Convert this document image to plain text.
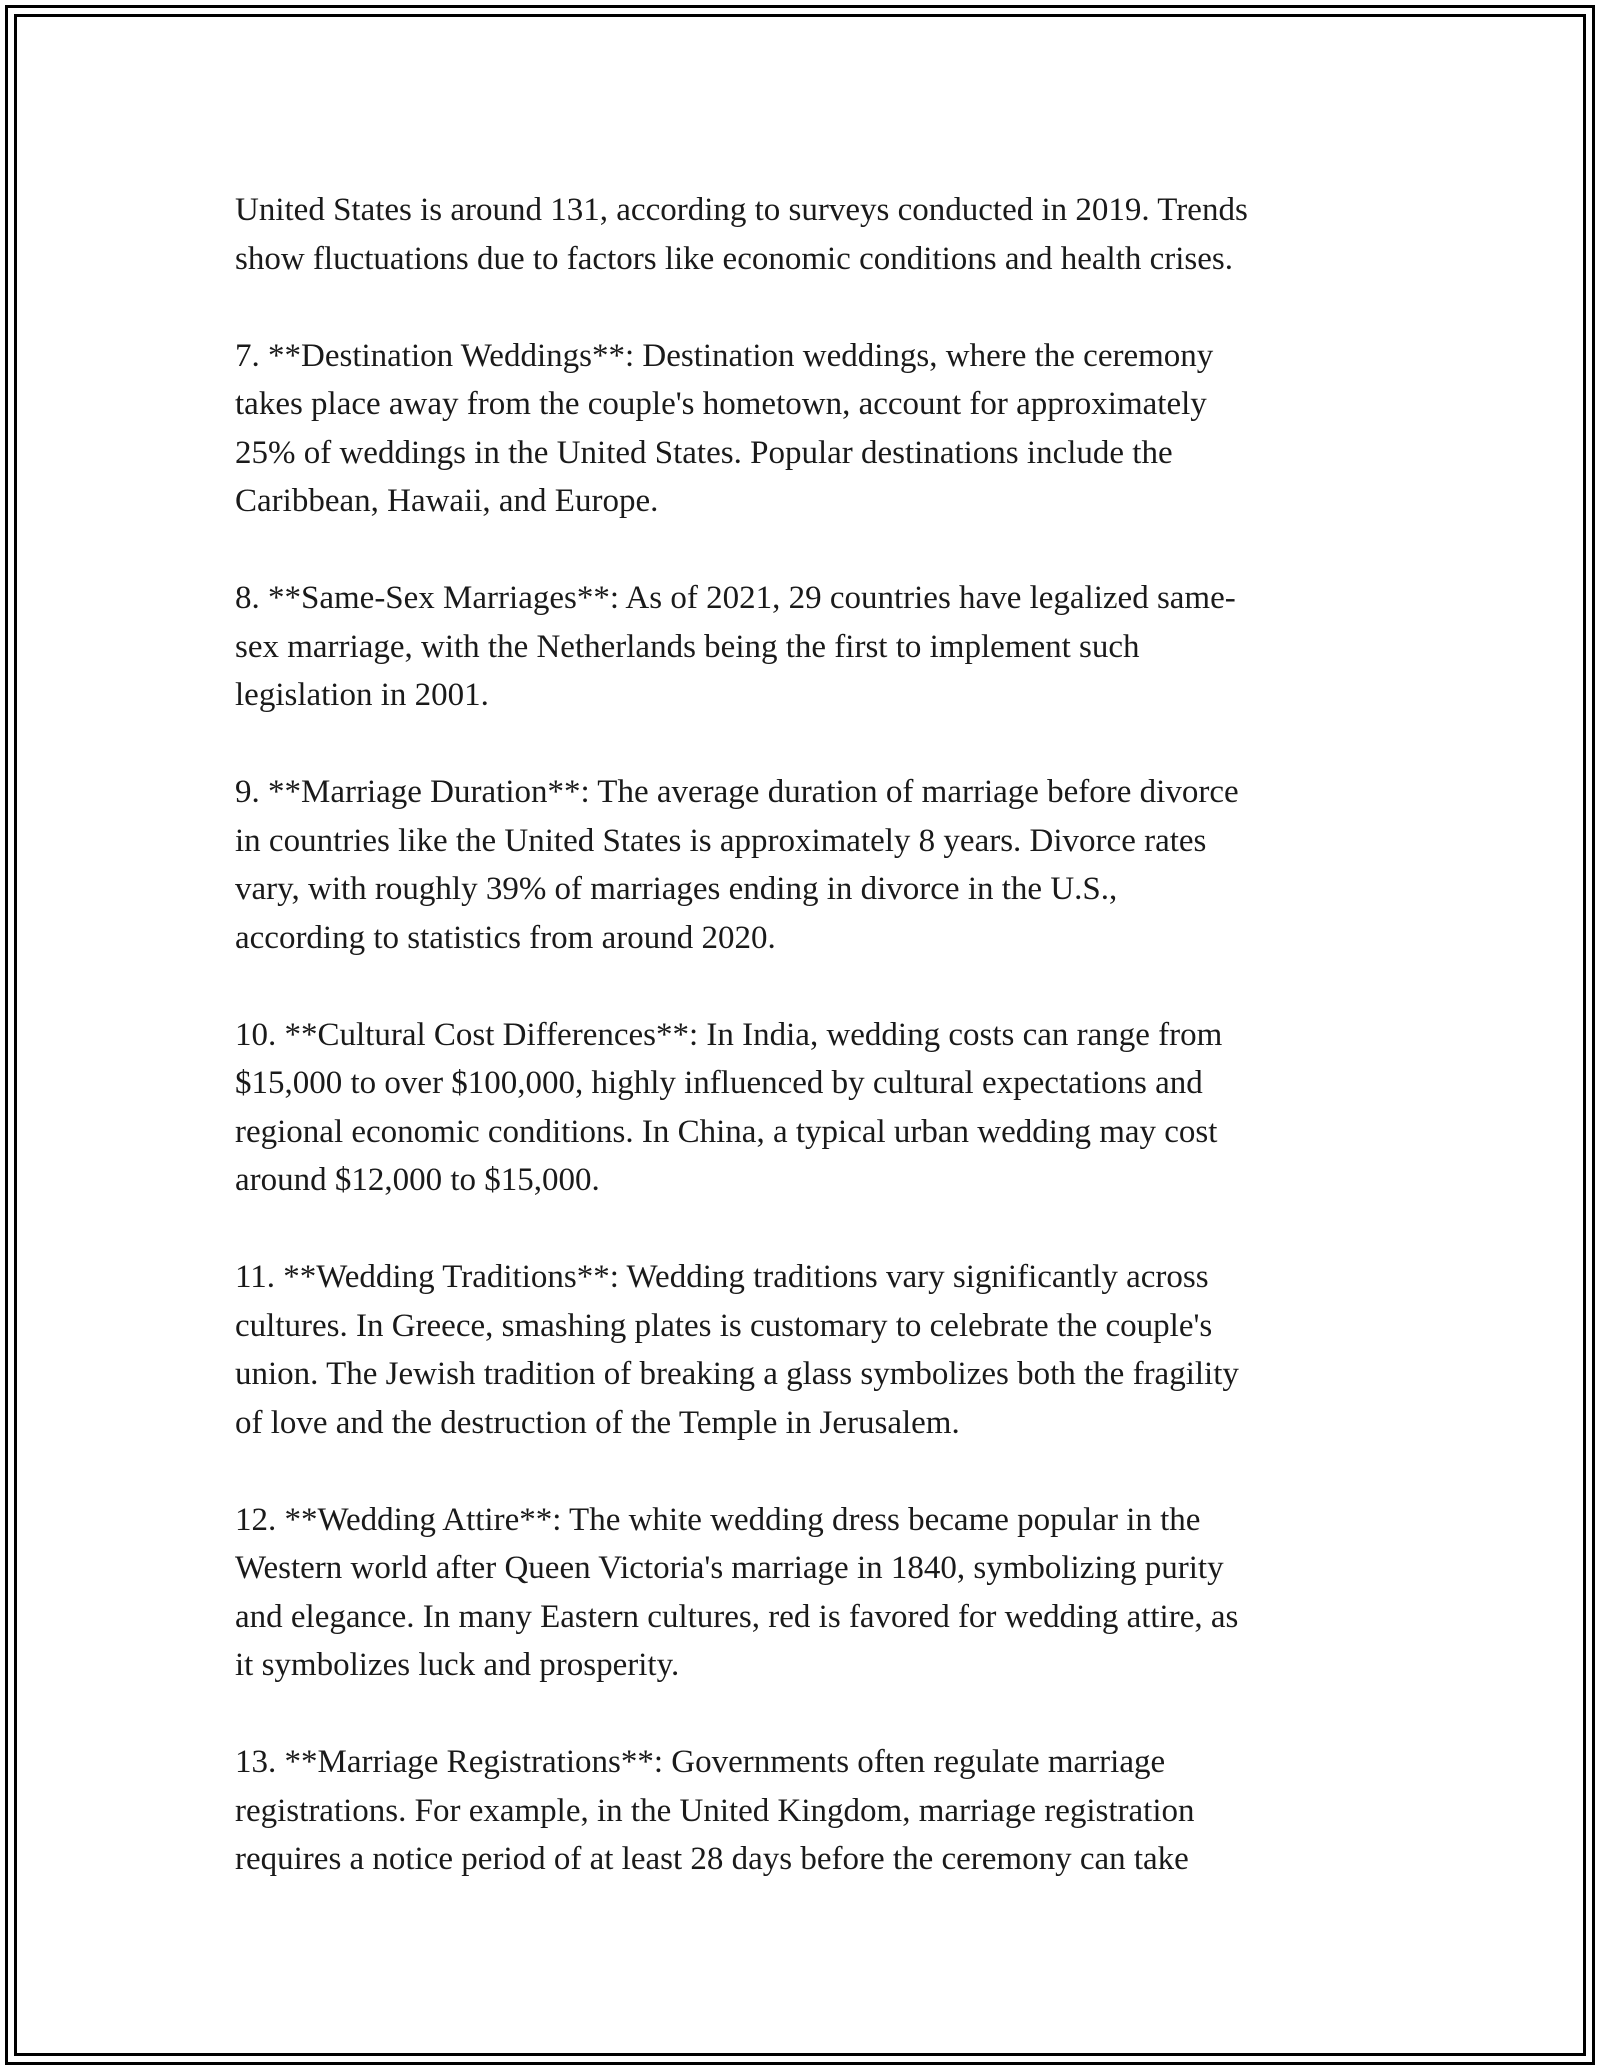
United States is around 131, according to surveys conducted in 2019. Trends
show fluctuations due to factors like economic conditions and health crises.

7. **Destination Weddings**: Destination weddings, where the ceremony
takes place away from the couple's hometown, account for approximately
25% of weddings in the United States. Popular destinations include the
Caribbean, Hawaii, and Europe.

8. **Same-Sex Marriages**: As of 2021, 29 countries have legalized same-
sex marriage, with the Netherlands being the first to implement such
legislation in 2001.

9. **Marriage Duration**: The average duration of marriage before divorce
in countries like the United States is approximately 8 years. Divorce rates
vary, with roughly 39% of marriages ending in divorce in the U.S.,
according to statistics from around 2020.

10. **Cultural Cost Differences**: In India, wedding costs can range from
$15,000 to over $100,000, highly influenced by cultural expectations and
regional economic conditions. In China, a typical urban wedding may cost
around $12,000 to $15,000.

11. **Wedding Traditions**: Wedding traditions vary significantly across
cultures. In Greece, smashing plates is customary to celebrate the couple's
union. The Jewish tradition of breaking a glass symbolizes both the fragility
of love and the destruction of the Temple in Jerusalem.

12. **Wedding Attire**: The white wedding dress became popular in the
Western world after Queen Victoria's marriage in 1840, symbolizing purity
and elegance. In many Eastern cultures, red is favored for wedding attire, as
it symbolizes luck and prosperity.

13. **Marriage Registrations**: Governments often regulate marriage
registrations. For example, in the United Kingdom, marriage registration
requires a notice period of at least 28 days before the ceremony can take
